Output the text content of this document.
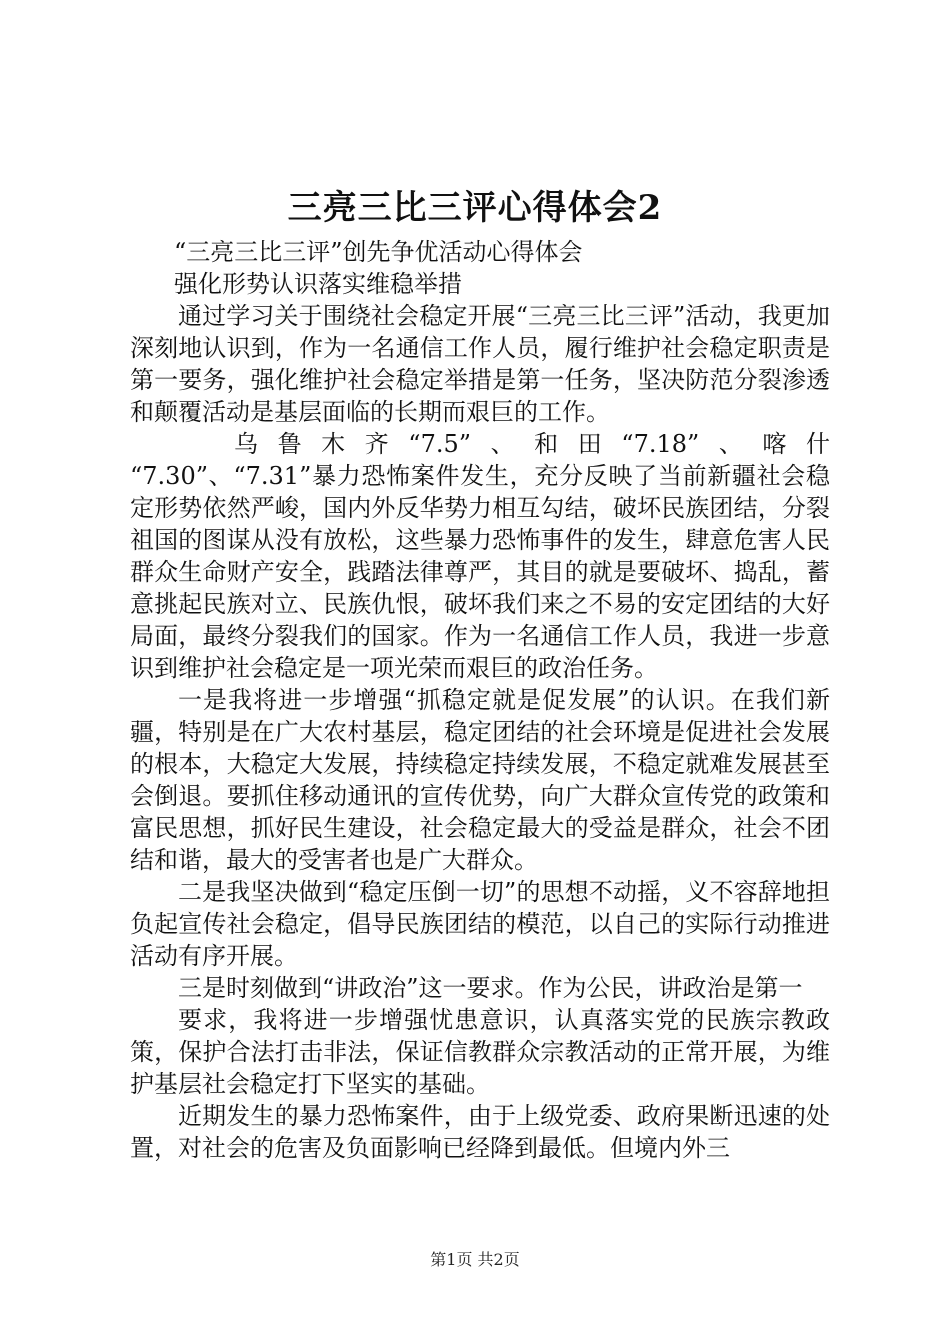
三亮三比三评心得体会2

“三亮三比三评”创先争优活动心得体会

强化形势认识落实维稳举措

通过学习关于围绕社会稳定开展“三亮三比三评”活动，我更加深刻地认识到，作为一名通信工作人员，履行维护社会稳定职责是第一要务，强化维护社会稳定举措是第一任务，坚决防范分裂渗透和颠覆活动是基层面临的长期而艰巨的工作。

乌鲁木齐“7.5”、和田“7.18”、喀什

“7.30”、“7.31”暴力恐怖案件发生，充分反映了当前新疆社会稳定形势依然严峻，国内外反华势力相互勾结，破坏民族团结，分裂祖国的图谋从没有放松，这些暴力恐怖事件的发生，肆意危害人民群众生命财产安全，践踏法律尊严，其目的就是要破坏、捣乱，蓄意挑起民族对立、民族仇恨，破坏我们来之不易的安定团结的大好局面，最终分裂我们的国家。作为一名通信工作人员，我进一步意识到维护社会稳定是一项光荣而艰巨的政治任务。

一是我将进一步增强“抓稳定就是促发展”的认识。在我们新疆，特别是在广大农村基层，稳定团结的社会环境是促进社会发展的根本，大稳定大发展，持续稳定持续发展，不稳定就难发展甚至会倒退。要抓住移动通讯的宣传优势，向广大群众宣传党的政策和富民思想，抓好民生建设，社会稳定最大的受益是群众，社会不团结和谐，最大的受害者也是广大群众。

二是我坚决做到“稳定压倒一切”的思想不动摇，义不容辞地担负起宣传社会稳定，倡导民族团结的模范，以自己的实际行动推进活动有序开展。

三是时刻做到“讲政治”这一要求。作为公民，讲政治是第一

要求，我将进一步增强忧患意识，认真落实党的民族宗教政策，保护合法打击非法，保证信教群众宗教活动的正常开展，为维护基层社会稳定打下坚实的基础。

近期发生的暴力恐怖案件，由于上级党委、政府果断迅速的处置，对社会的危害及负面影响已经降到最低。但境内外三

第1页 共2页
